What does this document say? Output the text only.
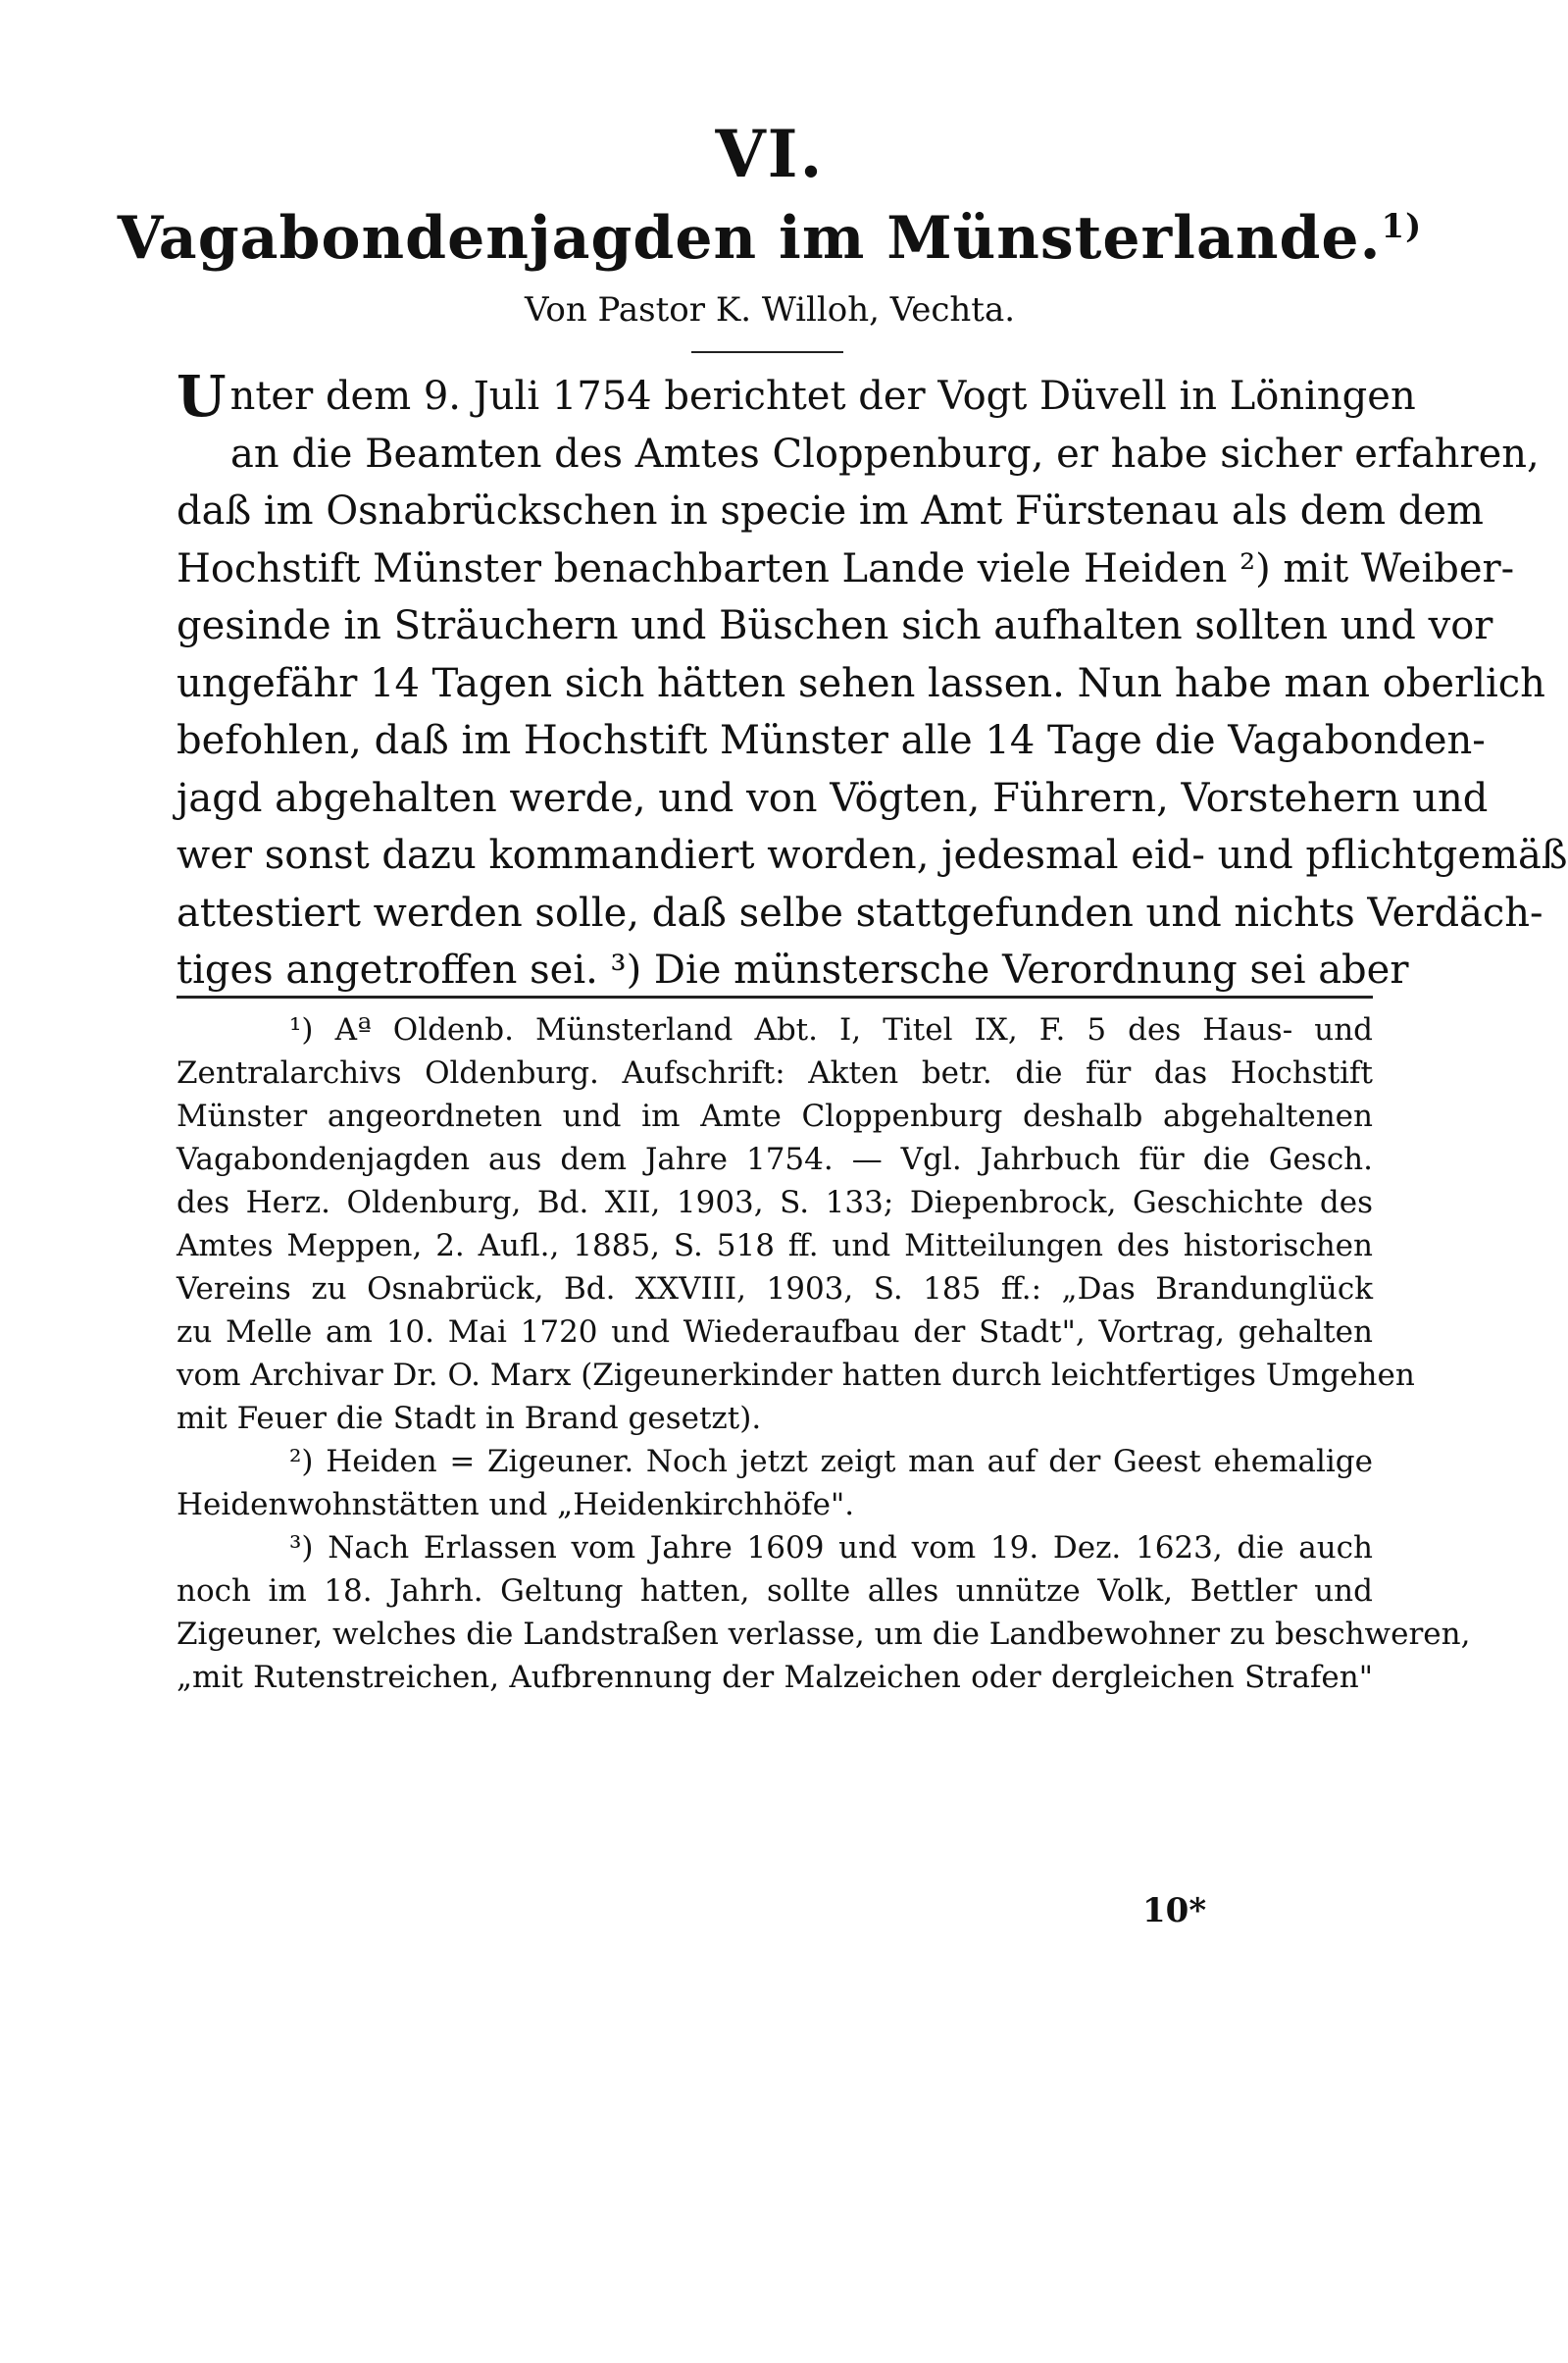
VI.
Vagabondenjagden im Münsterlande.$^{1)}$
Von Pastor K. Willoh, Vechta.
U nter dem 9. Juli 1754 berichtet der Vogt Düvell in Löningen
an die Beamten des Amtes Cloppenburg, er habe sicher erfahren,
daß im Osnabrückschen in specie im Amt Fürstenau als dem dem
Hochstift Münster benachbarten Lande viele Heiden ²) mit Weiber-
gesinde in Sträuchern und Büschen sich aufhalten sollten und vor
ungefähr 14 Tagen sich hätten sehen lassen. Nun habe man oberlich
befohlen, daß im Hochstift Münster alle 14 Tage die Vagabonden-
jagd abgehalten werde, und von Vögten, Führern, Vorstehern und
wer sonst dazu kommandiert worden, jedesmal eid- und pflichtgemäß
attestiert werden solle, daß selbe stattgefunden und nichts Verdäch-
tiges angetroffen sei. ³) Die münstersche Verordnung sei aber
¹) Aª Oldenb. Münsterland Abt. I, Titel IX, F. 5 des Haus- und
Zentralarchivs Oldenburg. Aufschrift: Akten betr. die für das Hochstift
Münster angeordneten und im Amte Cloppenburg deshalb abgehaltenen
Vagabondenjagden aus dem Jahre 1754. — Vgl. Jahrbuch für die Gesch.
des Herz. Oldenburg, Bd. XII, 1903, S. 133; Diepenbrock, Geschichte des
Amtes Meppen, 2. Aufl., 1885, S. 518 ff. und Mitteilungen des historischen
Vereins zu Osnabrück, Bd. XXVIII, 1903, S. 185 ff.: „Das Brandunglück
zu Melle am 10. Mai 1720 und Wiederaufbau der Stadt", Vortrag, gehalten
vom Archivar Dr. O. Marx (Zigeunerkinder hatten durch leichtfertiges Umgehen
mit Feuer die Stadt in Brand gesetzt).
²) Heiden = Zigeuner. Noch jetzt zeigt man auf der Geest ehemalige
Heidenwohnstätten und „Heidenkirchhöfe".
³) Nach Erlassen vom Jahre 1609 und vom 19. Dez. 1623, die auch
noch im 18. Jahrh. Geltung hatten, sollte alles unnütze Volk, Bettler und
Zigeuner, welches die Landstraßen verlasse, um die Landbewohner zu beschweren,
„mit Rutenstreichen, Aufbrennung der Malzeichen oder dergleichen Strafen"
10*
